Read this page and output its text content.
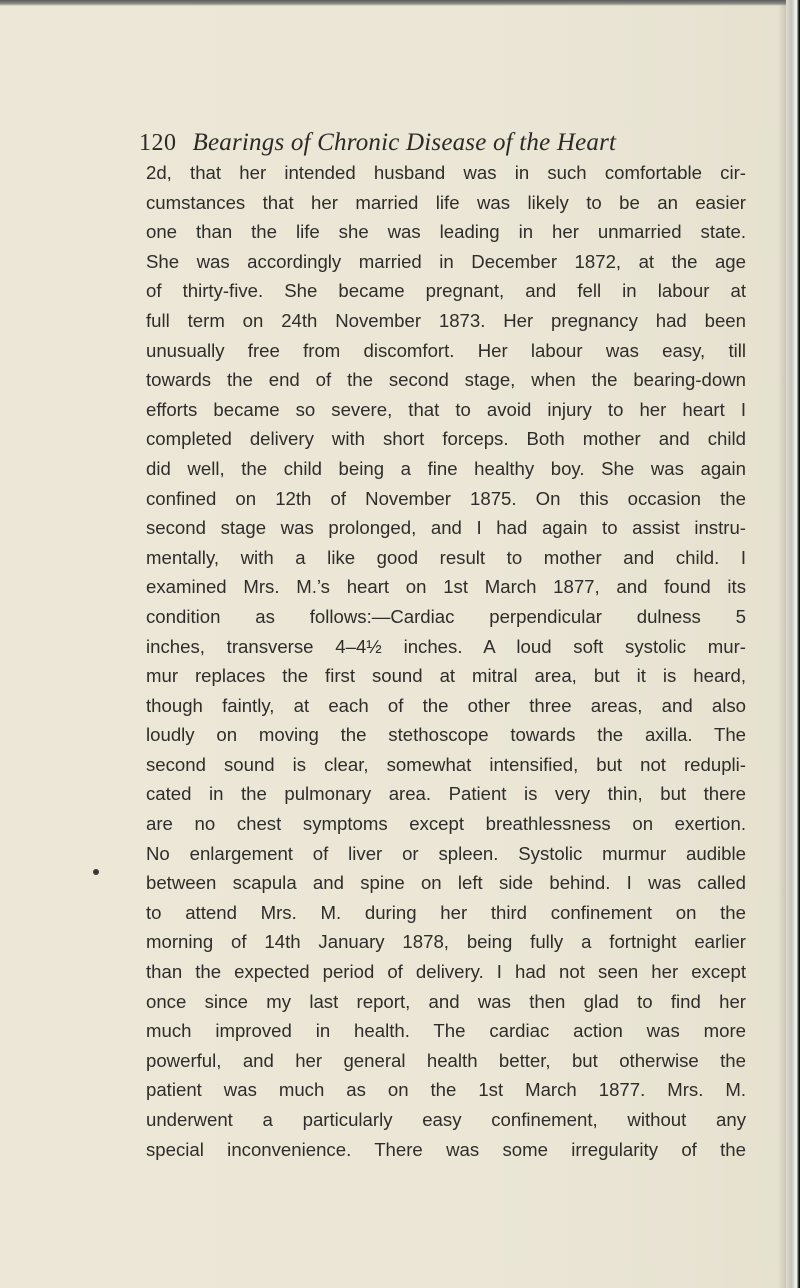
120 Bearings of Chronic Disease of the Heart
2d, that her intended husband was in such comfortable cir-
cumstances that her married life was likely to be an easier
one than the life she was leading in her unmarried state.
She was accordingly married in December 1872, at the age
of thirty-five. She became pregnant, and fell in labour at
full term on 24th November 1873. Her pregnancy had been
unusually free from discomfort. Her labour was easy, till
towards the end of the second stage, when the bearing-down
efforts became so severe, that to avoid injury to her heart I
completed delivery with short forceps. Both mother and child
did well, the child being a fine healthy boy. She was again
confined on 12th of November 1875. On this occasion the
second stage was prolonged, and I had again to assist instru-
mentally, with a like good result to mother and child. I
examined Mrs. M.’s heart on 1st March 1877, and found its
condition as follows:—Cardiac perpendicular dulness 5
inches, transverse 4–4½ inches. A loud soft systolic mur-
mur replaces the first sound at mitral area, but it is heard,
though faintly, at each of the other three areas, and also
loudly on moving the stethoscope towards the axilla. The
second sound is clear, somewhat intensified, but not redupli-
cated in the pulmonary area. Patient is very thin, but there
are no chest symptoms except breathlessness on exertion.
No enlargement of liver or spleen. Systolic murmur audible
between scapula and spine on left side behind. I was called
to attend Mrs. M. during her third confinement on the
morning of 14th January 1878, being fully a fortnight earlier
than the expected period of delivery. I had not seen her except
once since my last report, and was then glad to find her
much improved in health. The cardiac action was more
powerful, and her general health better, but otherwise the
patient was much as on the 1st March 1877. Mrs. M.
underwent a particularly easy confinement, without any
special inconvenience. There was some irregularity of the
